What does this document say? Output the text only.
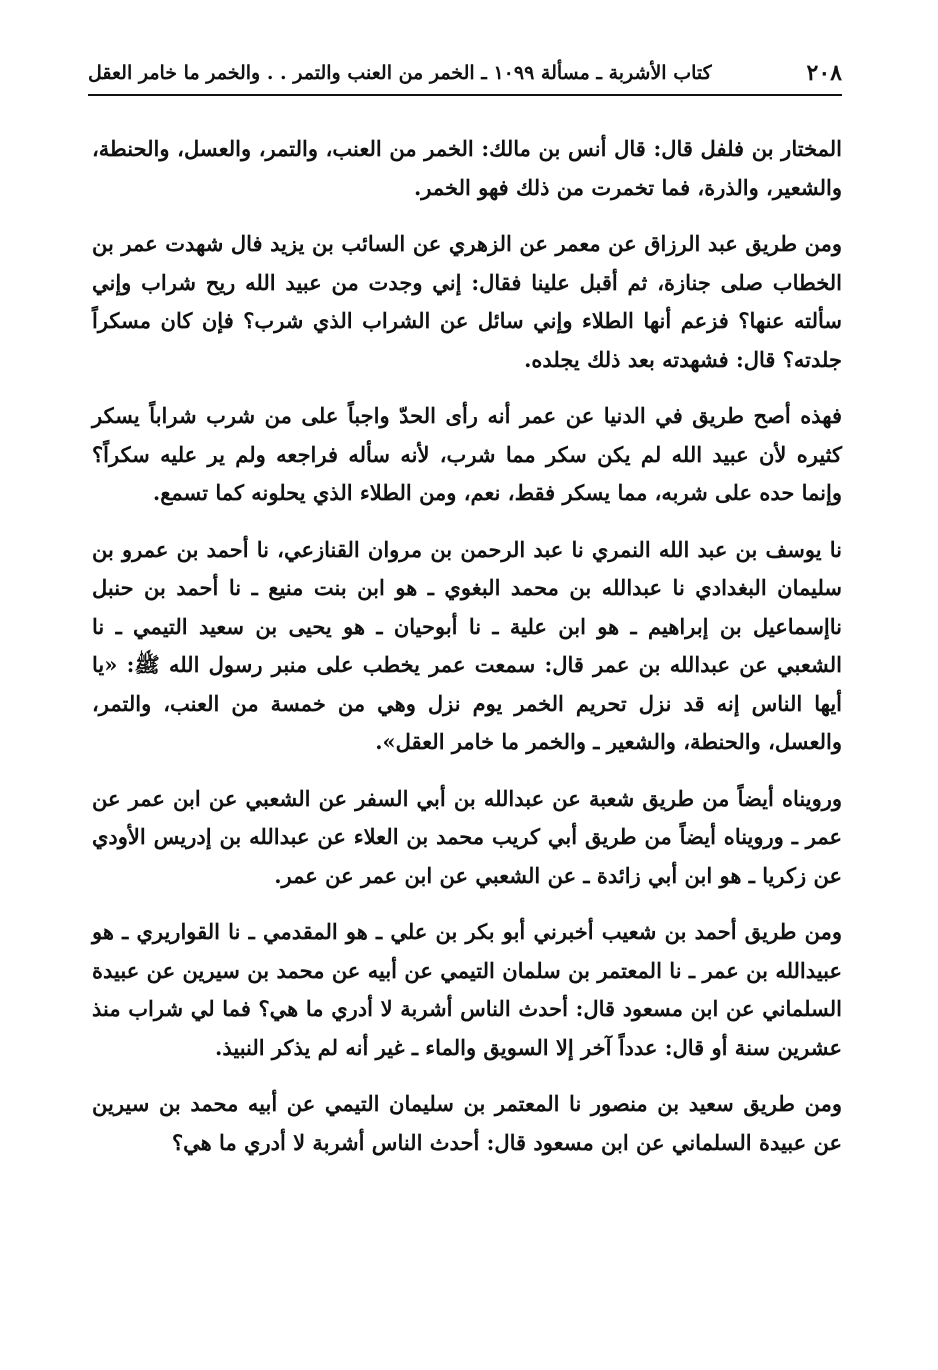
٢٠٨
كتاب الأشربة ـ مسألة ١٠٩٩ ـ الخمر من العنب والتمر . . والخمر ما خامر العقل

المختار بن فلفل قال: قال أنس بن مالك: الخمر من العنب، والتمر، والعسل، والحنطة، والشعير، والذرة، فما تخمرت من ذلك فهو الخمر.

ومن طريق عبد الرزاق عن معمر عن الزهري عن السائب بن يزيد فال شهدت عمر بن الخطاب صلى جنازة، ثم أقبل علينا فقال: إني وجدت من عبيد الله ريح شراب وإني سألته عنها؟ فزعم أنها الطلاء وإني سائل عن الشراب الذي شرب؟ فإن كان مسكراً جلدته؟ قال: فشهدته بعد ذلك يجلده.

فهذه أصح طريق في الدنيا عن عمر أنه رأى الحدّ واجباً على من شرب شراباً يسكر كثيره لأن عبيد الله لم يكن سكر مما شرب، لأنه سأله فراجعه ولم ير عليه سكراً؟ وإنما حده على شربه، مما يسكر فقط، نعم، ومن الطلاء الذي يحلونه كما تسمع.

نا يوسف بن عبد الله النمري نا عبد الرحمن بن مروان القنازعي، نا أحمد بن عمرو بن سليمان البغدادي نا عبدالله بن محمد البغوي ـ هو ابن بنت منيع ـ نا أحمد بن حنبل ناإسماعيل بن إبراهيم ـ هو ابن علية ـ نا أبوحيان ـ هو يحيى بن سعيد التيمي ـ نا الشعبي عن عبدالله بن عمر قال: سمعت عمر يخطب على منبر رسول الله ﷺ: «يا أيها الناس إنه قد نزل تحريم الخمر يوم نزل وهي من خمسة من العنب، والتمر، والعسل، والحنطة، والشعير ـ والخمر ما خامر العقل».

ورويناه أيضاً من طريق شعبة عن عبدالله بن أبي السفر عن الشعبي عن ابن عمر عن عمر ـ ورويناه أيضاً من طريق أبي كريب محمد بن العلاء عن عبدالله بن إدريس الأودي عن زكريا ـ هو ابن أبي زائدة ـ عن الشعبي عن ابن عمر عن عمر.

ومن طريق أحمد بن شعيب أخبرني أبو بكر بن علي ـ هو المقدمي ـ نا القواريري ـ هو عبيدالله بن عمر ـ نا المعتمر بن سلمان التيمي عن أبيه عن محمد بن سيرين عن عبيدة السلماني عن ابن مسعود قال: أحدث الناس أشربة لا أدري ما هي؟ فما لي شراب منذ عشرين سنة أو قال: عدداً آخر إلا السويق والماء ـ غير أنه لم يذكر النبيذ.

ومن طريق سعيد بن منصور نا المعتمر بن سليمان التيمي عن أبيه محمد بن سيرين عن عبيدة السلماني عن ابن مسعود قال: أحدث الناس أشربة لا أدري ما هي؟
